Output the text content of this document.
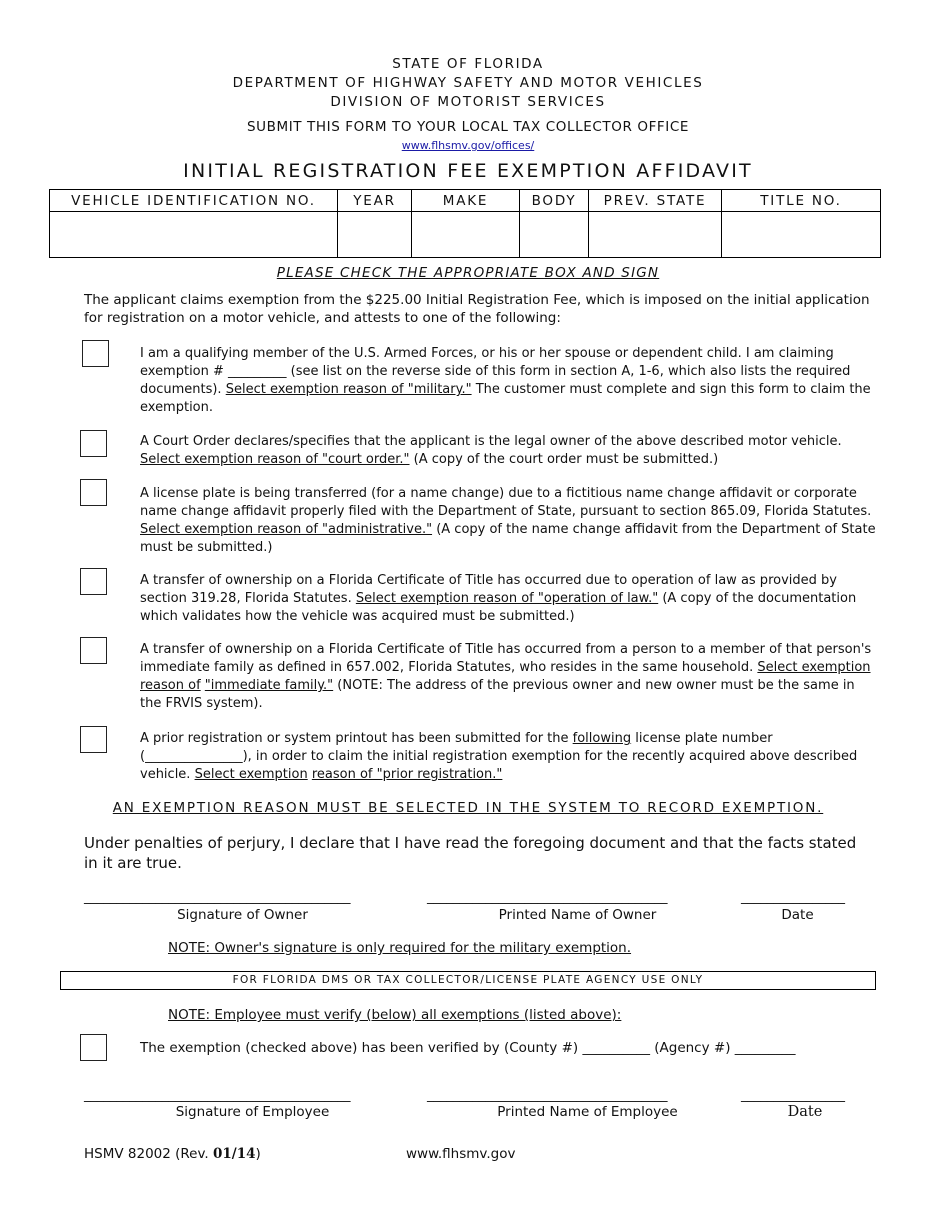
STATE OF FLORIDA
DEPARTMENT OF HIGHWAY SAFETY AND MOTOR VEHICLES
DIVISION OF MOTORIST SERVICES
SUBMIT THIS FORM TO YOUR LOCAL TAX COLLECTOR OFFICE
www.flhsmv.gov/offices/
INITIAL REGISTRATION FEE EXEMPTION AFFIDAVIT
VEHICLE IDENTIFICATION NO.	YEAR	MAKE	BODY	PREV. STATE	TITLE NO.

PLEASE CHECK THE APPROPRIATE BOX AND SIGN
The applicant claims exemption from the $225.00 Initial Registration Fee, which is imposed on the initial application for registration on a motor vehicle, and attests to one of the following:
I am a qualifying member of the U.S. Armed Forces, or his or her spouse or dependent child. I am claiming exemption # _________ (see list on the reverse side of this form in section A, 1-6, which also lists the required documents). Select exemption reason of "military." The customer must complete and sign this form to claim the exemption.
A Court Order declares/specifies that the applicant is the legal owner of the above described motor vehicle. Select exemption reason of "court order." (A copy of the court order must be submitted.)
A license plate is being transferred (for a name change) due to a fictitious name change affidavit or corporate name change affidavit properly filed with the Department of State, pursuant to section 865.09, Florida Statutes. Select exemption reason of "administrative." (A copy of the name change affidavit from the Department of State must be submitted.)
A transfer of ownership on a Florida Certificate of Title has occurred due to operation of law as provided by section 319.28, Florida Statutes. Select exemption reason of "operation of law." (A copy of the documentation which validates how the vehicle was acquired must be submitted.)
A transfer of ownership on a Florida Certificate of Title has occurred from a person to a member of that person's immediate family as defined in 657.002, Florida Statutes, who resides in the same household. Select exemption reason of "immediate family." (NOTE: The address of the previous owner and new owner must be the same in the FRVIS system).
A prior registration or system printout has been submitted for the following license plate number (_______________), in order to claim the initial registration exemption for the recently acquired above described vehicle. Select exemption reason of "prior registration."
AN EXEMPTION REASON MUST BE SELECTED IN THE SYSTEM TO RECORD EXEMPTION.
Under penalties of perjury, I declare that I have read the foregoing document and that the facts stated in it are true.
_________________________________________	_____________________________________	________________
Signature of Owner	Printed Name of Owner	Date
NOTE: Owner's signature is only required for the military exemption.
FOR FLORIDA DMS OR TAX COLLECTOR/LICENSE PLATE AGENCY USE ONLY
NOTE: Employee must verify (below) all exemptions (listed above):
The exemption (checked above) has been verified by (County #) __________ (Agency #) _________
_________________________________________	_____________________________________	________________
Signature of Employee	Printed Name of Employee	Date
HSMV 82002 (Rev. 01/14)	www.flhsmv.gov
